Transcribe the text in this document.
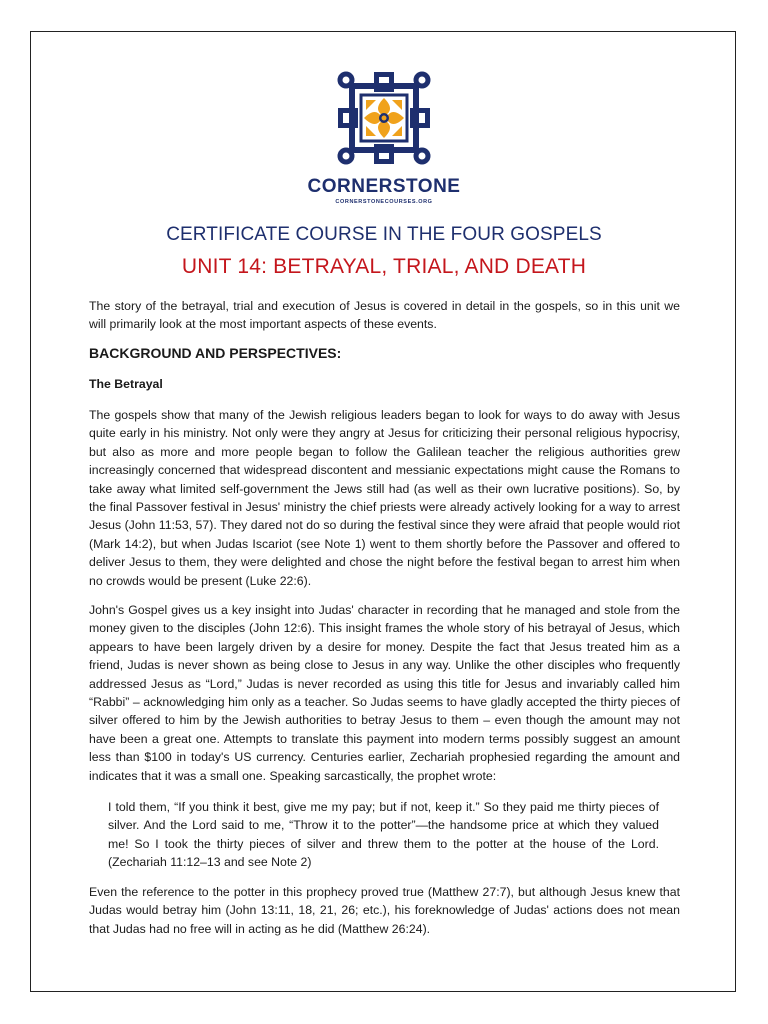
CORNERSTONE
CORNERSTONECOURSES.ORG
CERTIFICATE COURSE IN THE FOUR GOSPELS
UNIT 14: BETRAYAL, TRIAL, AND DEATH

The story of the betrayal, trial and execution of Jesus is covered in detail in the gospels, so in this unit we will primarily look at the most important aspects of these events.

BACKGROUND AND PERSPECTIVES:
The Betrayal

The gospels show that many of the Jewish religious leaders began to look for ways to do away with Jesus quite early in his ministry. Not only were they angry at Jesus for criticizing their personal religious hypocrisy, but also as more and more people began to follow the Galilean teacher the religious authorities grew increasingly concerned that widespread discontent and messianic expectations might cause the Romans to take away what limited self-government the Jews still had (as well as their own lucrative positions). So, by the final Passover festival in Jesus' ministry the chief priests were already actively looking for a way to arrest Jesus (John 11:53, 57). They dared not do so during the festival since they were afraid that people would riot (Mark 14:2), but when Judas Iscariot (see Note 1) went to them shortly before the Passover and offered to deliver Jesus to them, they were delighted and chose the night before the festival began to arrest him when no crowds would be present (Luke 22:6).

John's Gospel gives us a key insight into Judas' character in recording that he managed and stole from the money given to the disciples (John 12:6). This insight frames the whole story of his betrayal of Jesus, which appears to have been largely driven by a desire for money. Despite the fact that Jesus treated him as a friend, Judas is never shown as being close to Jesus in any way. Unlike the other disciples who frequently addressed Jesus as “Lord,” Judas is never recorded as using this title for Jesus and invariably called him “Rabbi” – acknowledging him only as a teacher. So Judas seems to have gladly accepted the thirty pieces of silver offered to him by the Jewish authorities to betray Jesus to them – even though the amount may not have been a great one. Attempts to translate this payment into modern terms possibly suggest an amount less than $100 in today's US currency. Centuries earlier, Zechariah prophesied regarding the amount and indicates that it was a small one. Speaking sarcastically, the prophet wrote:

I told them, “If you think it best, give me my pay; but if not, keep it.” So they paid me thirty pieces of silver. And the Lord said to me, “Throw it to the potter”—the handsome price at which they valued me! So I took the thirty pieces of silver and threw them to the potter at the house of the Lord. (Zechariah 11:12–13 and see Note 2)

Even the reference to the potter in this prophecy proved true (Matthew 27:7), but although Jesus knew that Judas would betray him (John 13:11, 18, 21, 26; etc.), his foreknowledge of Judas' actions does not mean that Judas had no free will in acting as he did (Matthew 26:24).
